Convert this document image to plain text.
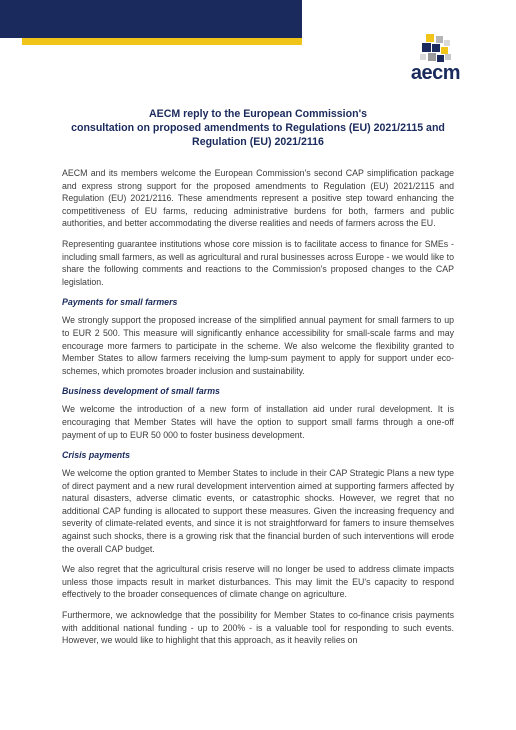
aecm
AECM reply to the European Commission's
consultation on proposed amendments to Regulations (EU) 2021/2115 and
Regulation (EU) 2021/2116

AECM and its members welcome the European Commission's second CAP simplification package and express strong support for the proposed amendments to Regulation (EU) 2021/2115 and Regulation (EU) 2021/2116. These amendments represent a positive step toward enhancing the competitiveness of EU farms, reducing administrative burdens for both, farmers and public authorities, and better accommodating the diverse realities and needs of farmers across the EU.

Representing guarantee institutions whose core mission is to facilitate access to finance for SMEs - including small farmers, as well as agricultural and rural businesses across Europe - we would like to share the following comments and reactions to the Commission's proposed changes to the CAP legislation.

Payments for small farmers

We strongly support the proposed increase of the simplified annual payment for small farmers to up to EUR 2 500. This measure will significantly enhance accessibility for small-scale farms and may encourage more farmers to participate in the scheme. We also welcome the flexibility granted to Member States to allow farmers receiving the lump-sum payment to apply for support under eco-schemes, which promotes broader inclusion and sustainability.

Business development of small farms

We welcome the introduction of a new form of installation aid under rural development. It is encouraging that Member States will have the option to support small farms through a one-off payment of up to EUR 50 000 to foster business development.

Crisis payments

We welcome the option granted to Member States to include in their CAP Strategic Plans a new type of direct payment and a new rural development intervention aimed at supporting farmers affected by natural disasters, adverse climatic events, or catastrophic shocks. However, we regret that no additional CAP funding is allocated to support these measures. Given the increasing frequency and severity of climate-related events, and since it is not straightforward for famers to insure themselves against such shocks, there is a growing risk that the financial burden of such interventions will erode the overall CAP budget.

We also regret that the agricultural crisis reserve will no longer be used to address climate impacts unless those impacts result in market disturbances. This may limit the EU's capacity to respond effectively to the broader consequences of climate change on agriculture.

Furthermore, we acknowledge that the possibility for Member States to co-finance crisis payments with additional national funding - up to 200% - is a valuable tool for responding to such events. However, we would like to highlight that this approach, as it heavily relies on
